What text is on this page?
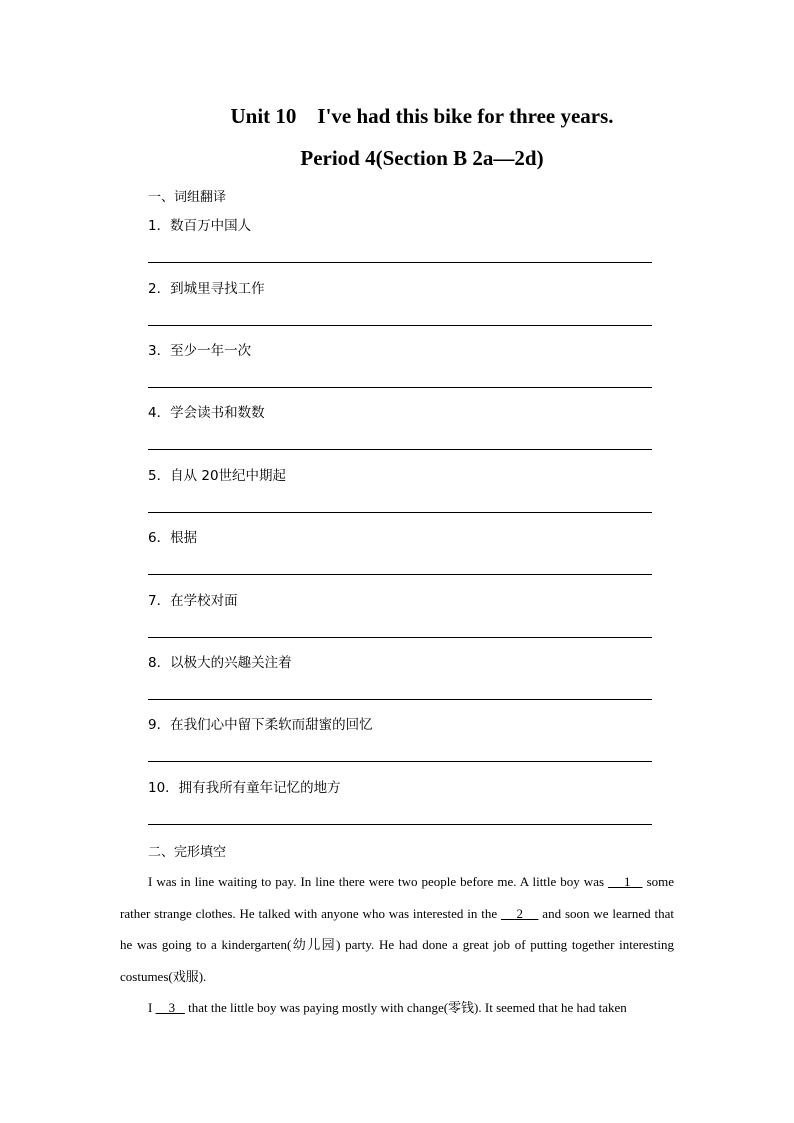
Unit 10    I've had this bike for three years.
Period 4(Section B 2a—2d)
一、词组翻译
1．数百万中国人
2．到城里寻找工作
3．至少一年一次
4．学会读书和数数
5．自从 20世纪中期起
6．根据
7．在学校对面
8．以极大的兴趣关注着
9．在我们心中留下柔软而甜蜜的回忆
10．拥有我所有童年记忆的地方
二、完形填空

I was in line waiting to pay. In line there were two people before me. A little boy was     1    some rather strange clothes. He talked with anyone who was interested in the     2     and soon we learned that he was going to a kindergarten(幼儿园) party. He had done a great job of putting together interesting costumes(戏服).

I     3    that the little boy was paying mostly with change(零钱). It seemed that he had taken
